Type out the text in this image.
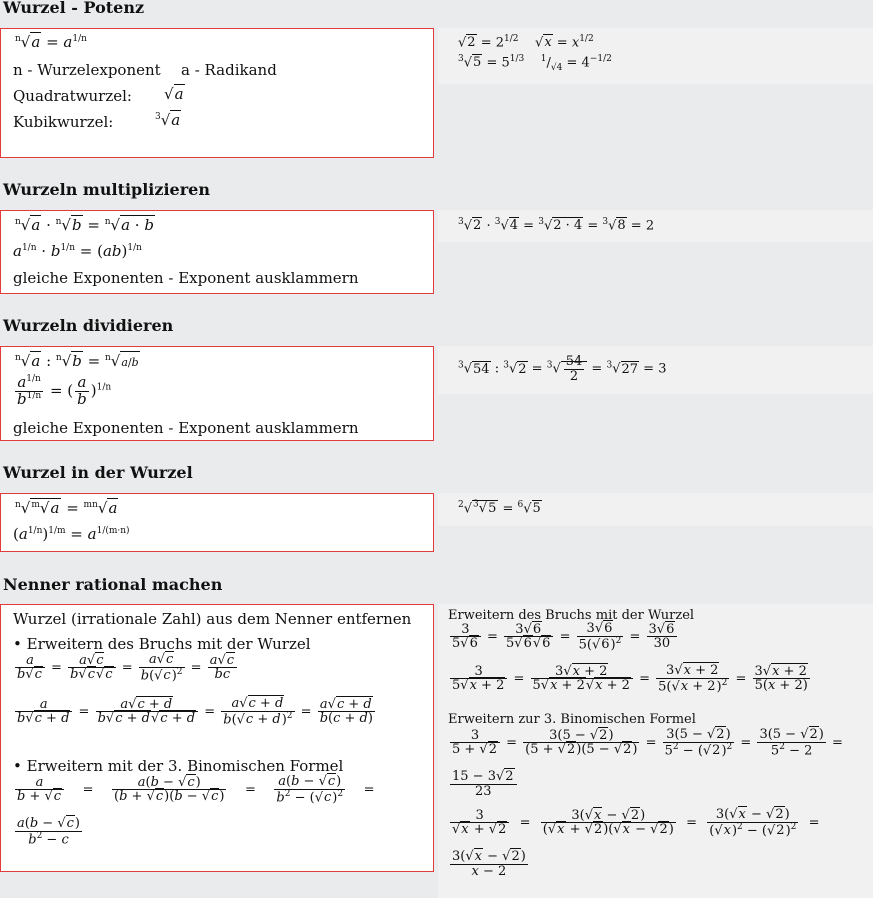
Wurzel - Potenz
$^n√a = a^{1/n}$
n - Wurzelexponent a - Radikand
Quadratwurzel: √a
Kubikwurzel:	$^3$√a
$√2 = 2^{1/2}$    $√x = x^{1/2}$
$^3√5 = 5^{1/3}$ $^1/_{√4} = 4^{-1/2}$
Wurzeln multiplizieren
$^n$√a · $^n$√b = $^n$√a · b
$a^{1/n} \cdot b^{1/n} = (ab)^{1/n}$
gleiche Exponenten - Exponent ausklammern
$^3$√2 · $^3$√4 = $^3$√2 · 4 = $^3$√8 = 2
Wurzeln dividieren
$^n$√a : $^n$√b = $^n$√a/b
$\frac{a^{1/n}}{b^{1/n}}$ = ( $\frac{a}{b} )^{1/n}$
gleiche Exponenten - Exponent ausklammern
$^3$√54 : $^3√2 = ^3√ \frac{54}{2} = ^3√27 = 3$
Wurzel in der Wurzel
$^n$√$^m$√a = $^{mn}$√a
$(a^{1/n})^{1/m} = a^{1/(m\cdot n)}$
$^2$√$^3$√5 = $^6$√5
Nenner rational machen
Wurzel (irrationale Zahl) aus dem Nenner entfernen
• Erweitern des Bruchs mit der Wurzel
$\frac{a}{b√c} = \frac{a√c}{b√c√c} = \frac{a√c}{b(√c)^2} = \frac{a√c}{bc}$
$\frac{a}{b√c + d} = \frac{a√c + d}{b√c + d√c + d} = \frac{a√c + d}{b(√c + d)^2} = \frac{a√c + d}{b(c + d)}$
• Erweitern mit der 3. Binomischen Formel
$\frac{a}{b + √c} = \frac{a(b - √c)}{(b + √c)(b - √c)} = \frac{a(b - √c)}{b^2 - (√c)^2}$ =
$\frac{a(b - √c)}{b^2 - c}$
Erweitern des Bruchs mit der Wurzel
$\frac{3}{5√6} = \frac{3√6}{5√6√6} = \frac{3√6}{5(√6)^2} = \frac{3√6}{30}$
$\frac{3}{5√x + 2} = \frac{3√x + 2}{5√x + 2√x + 2} = \frac{3√x + 2}{5(√x + 2)^2} = \frac{3√x + 2}{5(x + 2)}$
Erweitern zur 3. Binomischen Formel
$\frac{3}{5 + √2} = \frac{3(5 - √2)}{(5 + √2)(5 - √2)} = \frac{3(5 - √2)}{5^2 - (√2)^2} = \frac{3(5 - √2)}{5^2 - 2}$ =
$\frac{15 - 3√2}{23}$
$\frac{3}{√x + √2} = \frac{3(√x - √2)}{(√x + √2)(√x - √2)} = \frac{3(√x - √2)}{(√x)^2 - (√2)^2}$ =
$\frac{3(√x - √2)}{x - 2}$
